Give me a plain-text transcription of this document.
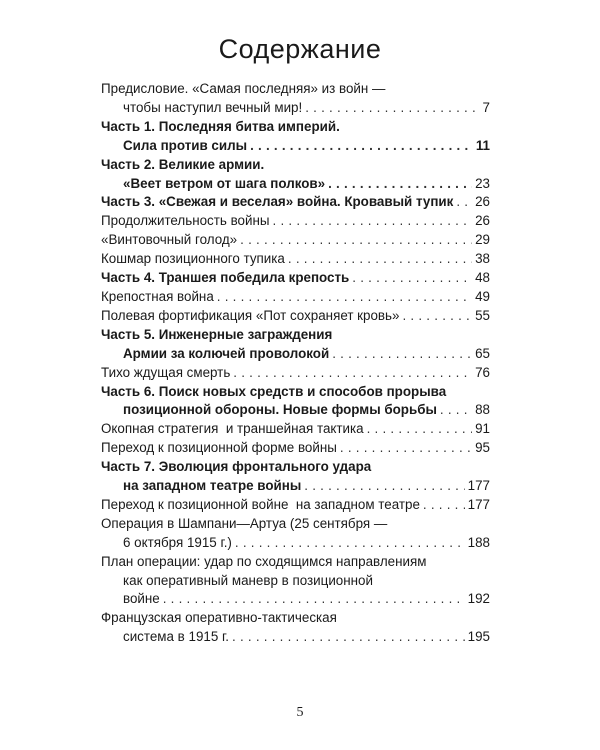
Содержание
Предисловие. «Самая последняя» из войн —
чтобы наступил вечный мир! . . .	7
Часть 1. Последняя битва империй.
Сила против силы . . .	11
Часть 2. Великие армии.
«Веет ветром от шага полков» . . .	23
Часть 3. «Свежая и веселая» война. Кровавый тупик . . . 26
Продолжительность войны . . .	26
«Винтовочный голод» . . .	29
Кошмар позиционного тупика . . .	38
Часть 4. Траншея победила крепость . . .	48
Крепостная война . . .	49
Полевая фортификация «Пот сохраняет кровь» . . .	55
Часть 5. Инженерные заграждения
Армии за колючей проволокой . . .	65
Тихо ждущая смерть . . .	76
Часть 6. Поиск новых средств и способов прорыва
позиционной обороны. Новые формы борьбы . . .	88
Окопная стратегия  и траншейная тактика . . .	91
Переход к позиционной форме войны . . .	95
Часть 7. Эволюция фронтального удара
на западном театре войны . . .	177
Переход к позиционной войне  на западном театре . . .	177
Операция в Шампани—Артуа (25 сентября —
6 октября 1915 г.) . . .	188
План операции: удар по сходящимся направлениям
как оперативный маневр в позиционной
войне . . .	192
Французская оперативно-тактическая
система в 1915 г. . . .	195
5
